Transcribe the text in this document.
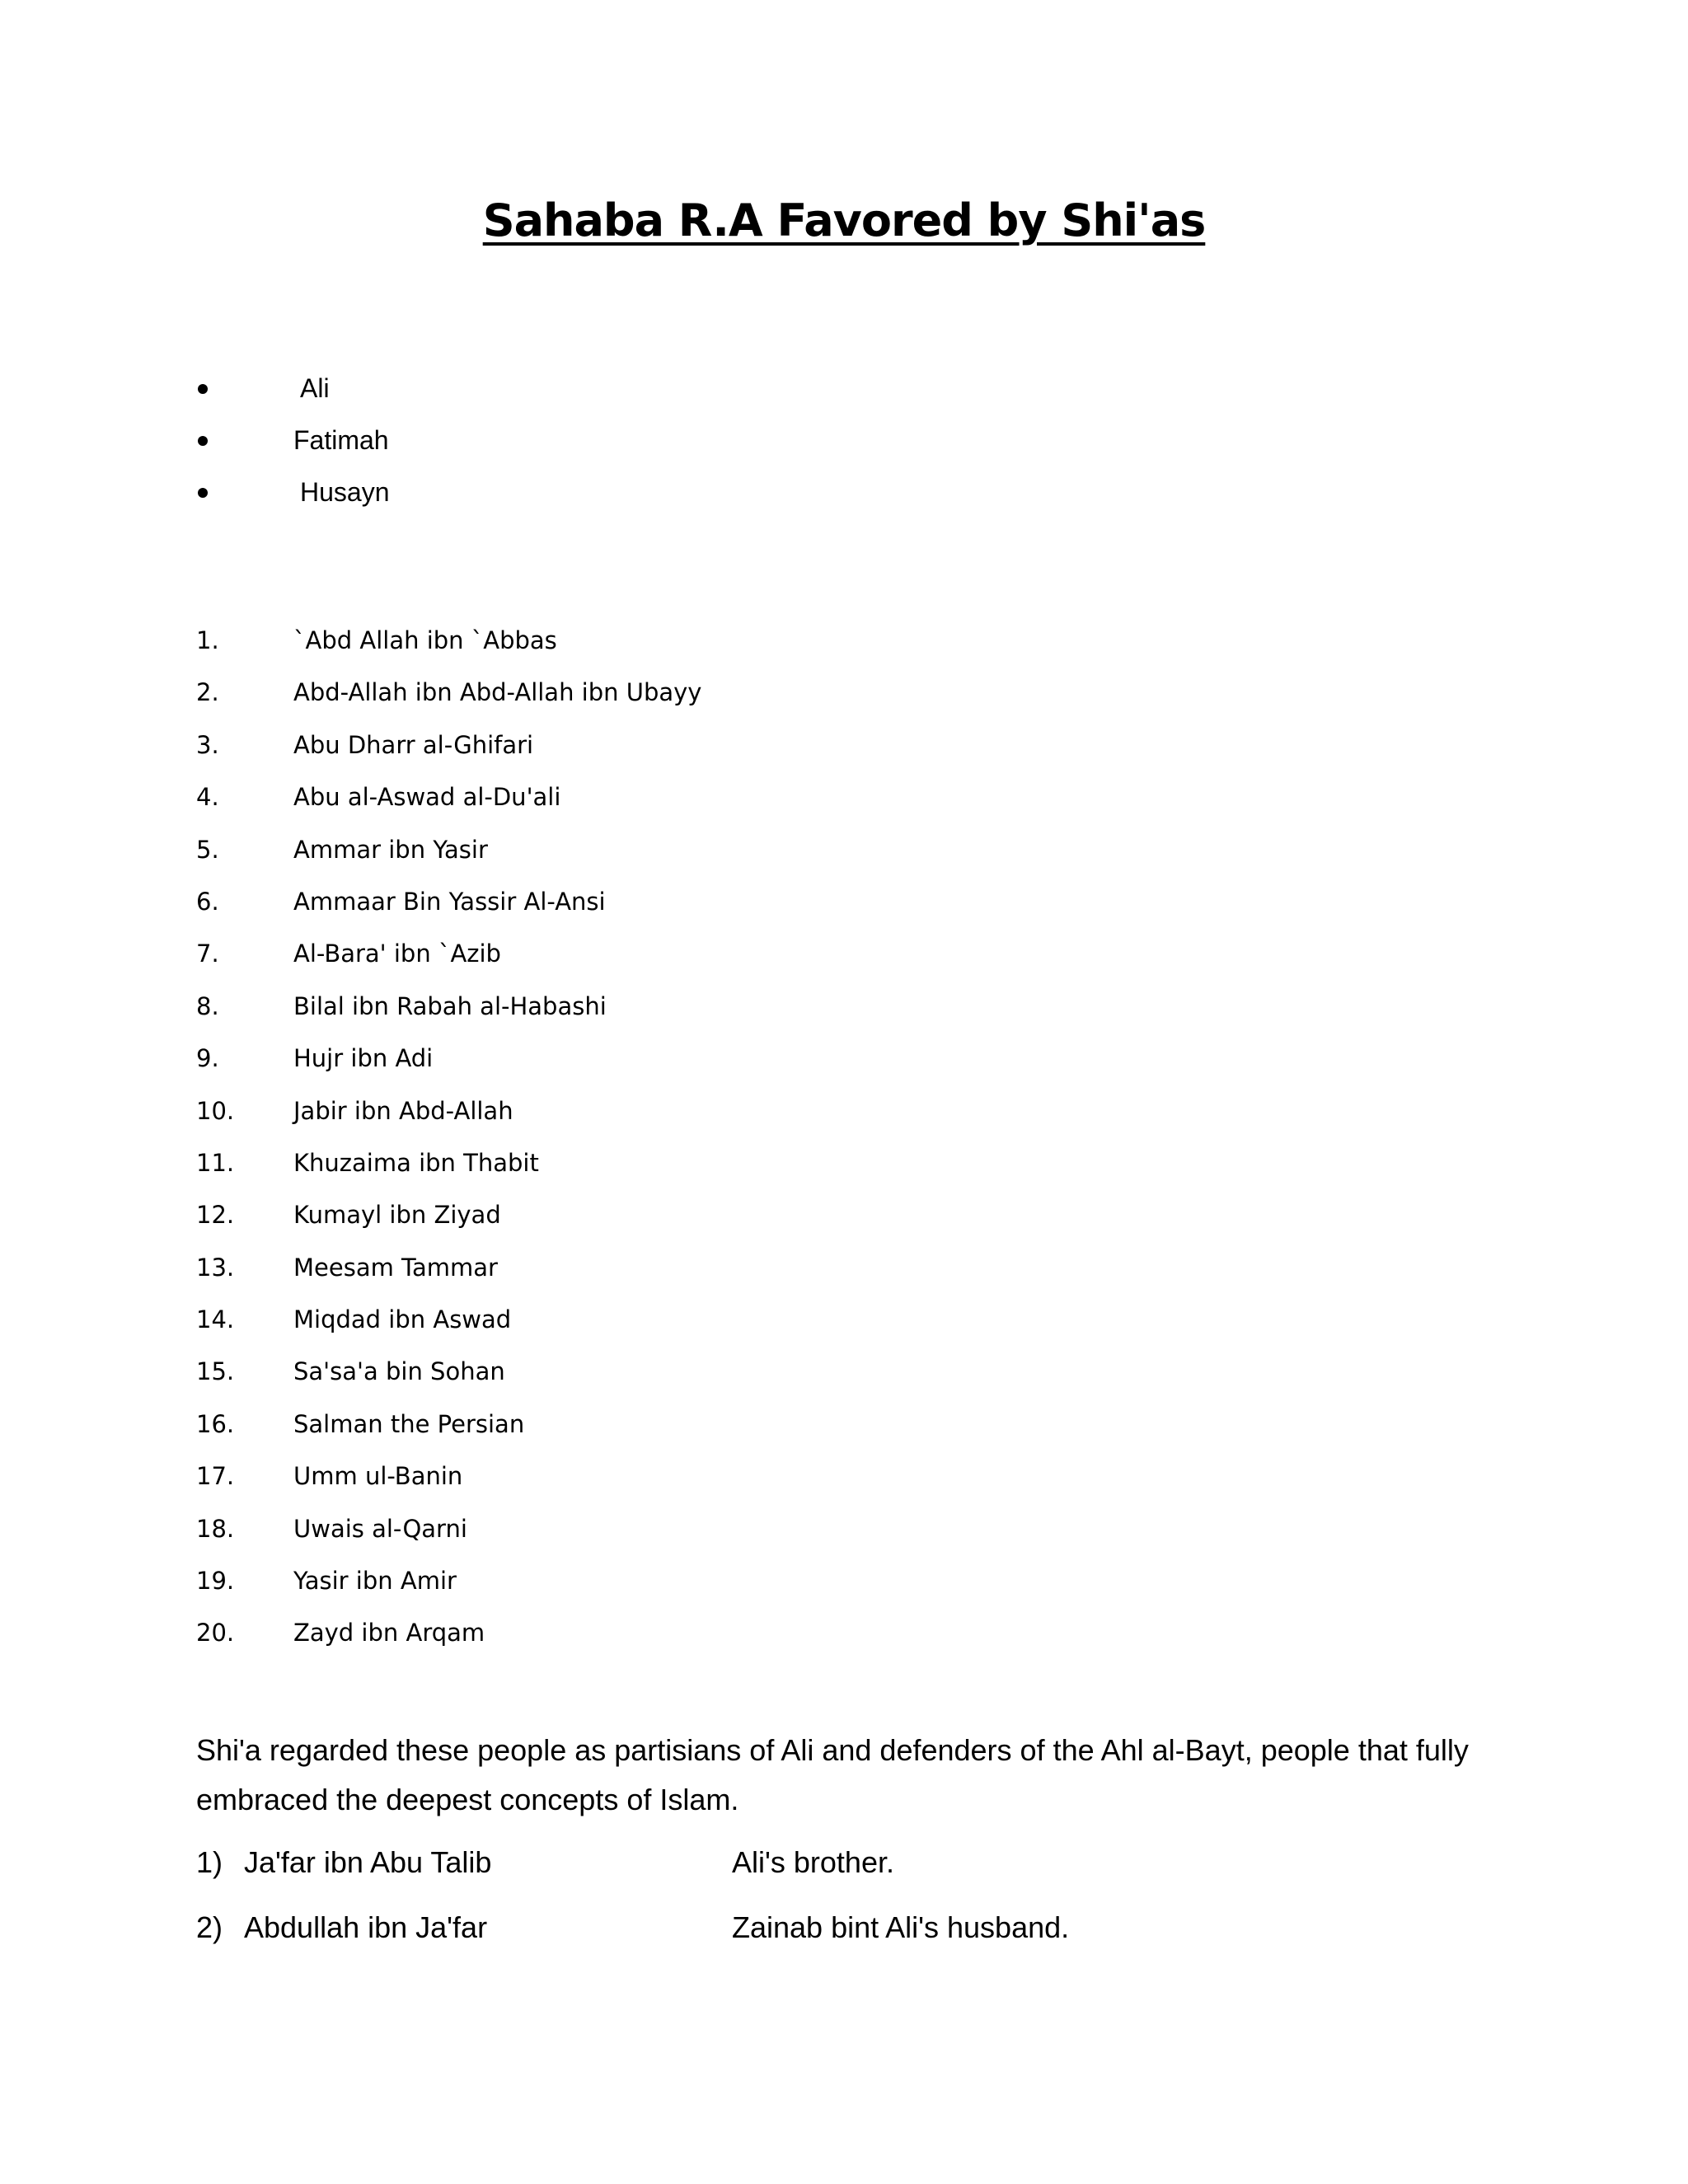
Sahaba R.A Favored by Shi'as
Ali
Fatimah
Husayn
1.	`Abd Allah ibn `Abbas
2.	Abd-Allah ibn Abd-Allah ibn Ubayy
3.	Abu Dharr al-Ghifari
4.	Abu al-Aswad al-Du'ali
5.	Ammar ibn Yasir
6.	Ammaar Bin Yassir Al-Ansi
7.	Al-Bara' ibn `Azib
8.	Bilal ibn Rabah al-Habashi
9.	Hujr ibn Adi
10. Jabir ibn Abd-Allah
11. Khuzaima ibn Thabit
12. Kumayl ibn Ziyad
13. Meesam Tammar
14. Miqdad ibn Aswad
15. Sa'sa'a bin Sohan
16. Salman the Persian
17. Umm ul-Banin
18. Uwais al-Qarni
19. Yasir ibn Amir
20. Zayd ibn Arqam

Shi'a regarded these people as partisians of Ali and defenders of the Ahl al-Bayt, people that fully embraced the deepest concepts of Islam.

1) Ja'far ibn Abu Talib	Ali's brother.
2) Abdullah ibn Ja'far	Zainab bint Ali's husband.
